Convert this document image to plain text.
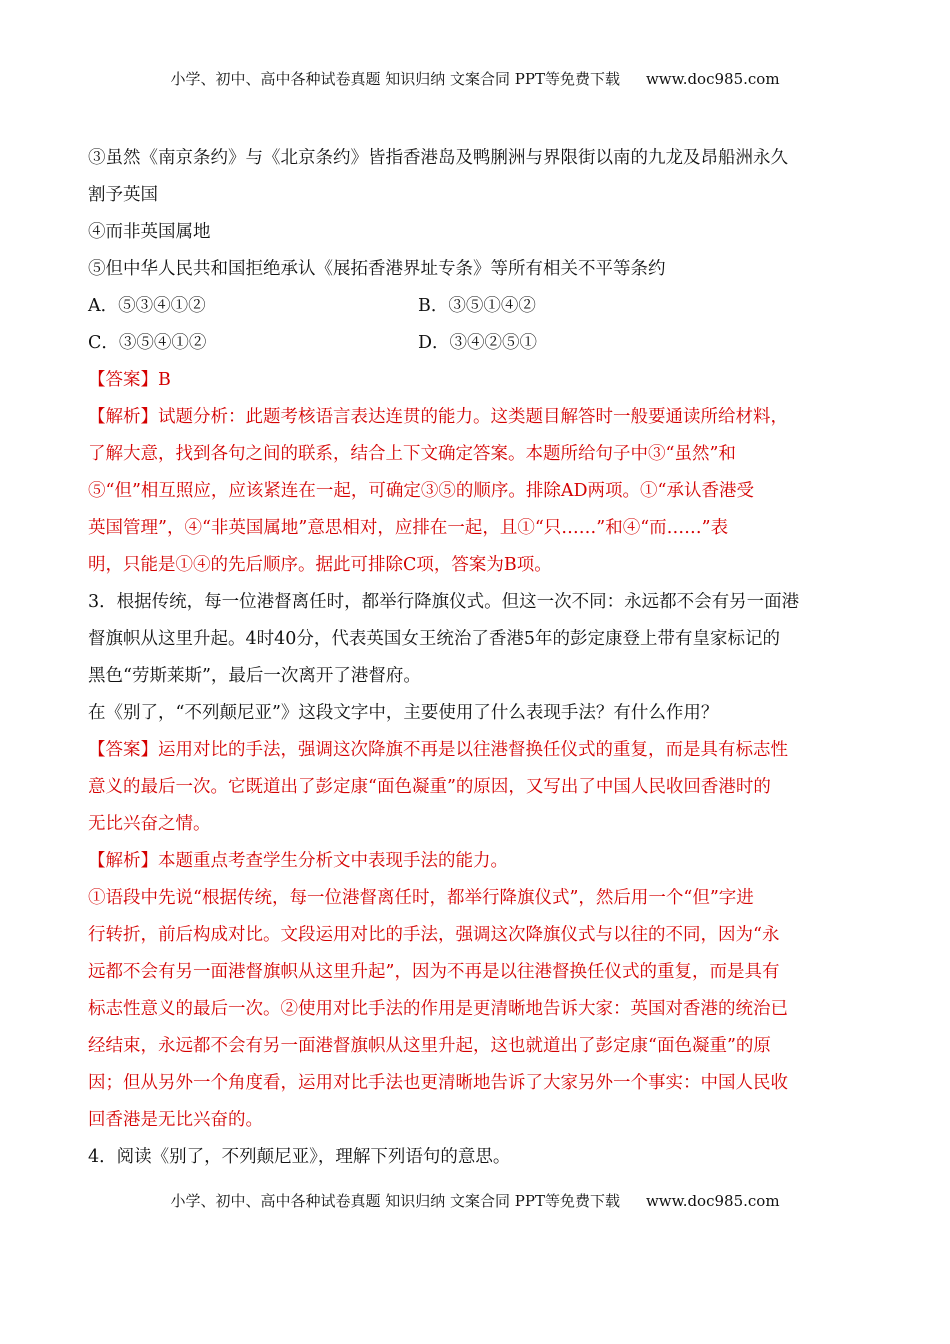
小学、初中、高中各种试卷真题 知识归纳 文案合同 PPT等免费下载 www.doc985.com
③虽然《南京条约》与《北京条约》皆指香港岛及鸭脷洲与界限街以南的九龙及昂船洲永久
割予英国
④而非英国属地
⑤但中华人民共和国拒绝承认《展拓香港界址专条》等所有相关不平等条约
A．⑤③④①②	B．③⑤①④②
C．③⑤④①②	D．③④②⑤①
【答案】B
【解析】试题分析：此题考核语言表达连贯的能力。这类题目解答时一般要通读所给材料，
了解大意，找到各句之间的联系，结合上下文确定答案。本题所给句子中③“虽然”和
⑤“但”相互照应，应该紧连在一起，可确定③⑤的顺序。排除AD两项。①“承认香港受
英国管理”，④“非英国属地”意思相对，应排在一起，且①“只……”和④“而……”表
明，只能是①④的先后顺序。据此可排除C项，答案为B项。
3．根据传统，每一位港督离任时，都举行降旗仪式。但这一次不同：永远都不会有另一面港
督旗帜从这里升起。4时40分，代表英国女王统治了香港5年的彭定康登上带有皇家标记的
黑色“劳斯莱斯”，最后一次离开了港督府。
在《别了，“不列颠尼亚”》这段文字中，主要使用了什么表现手法？有什么作用？
【答案】运用对比的手法，强调这次降旗不再是以往港督换任仪式的重复，而是具有标志性
意义的最后一次。它既道出了彭定康“面色凝重”的原因，又写出了中国人民收回香港时的
无比兴奋之情。
【解析】本题重点考查学生分析文中表现手法的能力。
①语段中先说“根据传统，每一位港督离任时，都举行降旗仪式”，然后用一个“但”字进
行转折，前后构成对比。文段运用对比的手法，强调这次降旗仪式与以往的不同，因为“永
远都不会有另一面港督旗帜从这里升起”，因为不再是以往港督换任仪式的重复，而是具有
标志性意义的最后一次。②使用对比手法的作用是更清晰地告诉大家：英国对香港的统治已
经结束，永远都不会有另一面港督旗帜从这里升起，这也就道出了彭定康“面色凝重”的原
因；但从另外一个角度看，运用对比手法也更清晰地告诉了大家另外一个事实：中国人民收
回香港是无比兴奋的。
4．阅读《别了，不列颠尼亚》，理解下列语句的意思。
小学、初中、高中各种试卷真题 知识归纳 文案合同 PPT等免费下载 www.doc985.com
